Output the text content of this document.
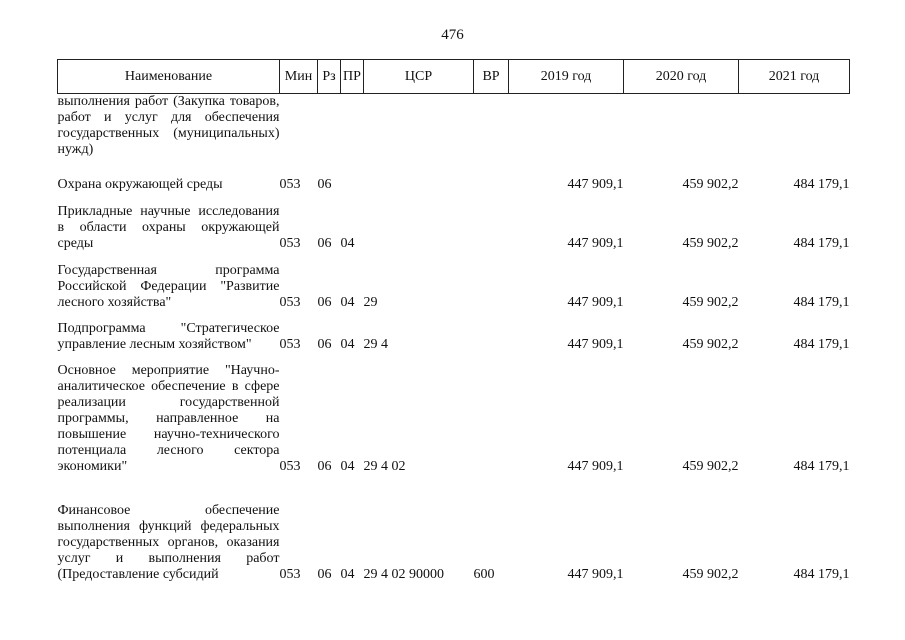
476
Наименование	Мин	Рз	ПР	ЦСР	ВР	2019 год	2020 год	2021 год
выполнения работ (Закупка товаров, работ и услуг для обеспечения государственных (муниципальных) нужд)								
Охрана окружающей среды	053	06				447 909,1	459 902,2	484 179,1
Прикладные научные исследования в области охраны окружающей среды	053	06	04			447 909,1	459 902,2	484 179,1
Государственная программа Российской Федерации "Развитие лесного хозяйства"	053	06	04	29		447 909,1	459 902,2	484 179,1
Подпрограмма "Стратегическое управление лесным хозяйством"	053	06	04	29 4		447 909,1	459 902,2	484 179,1
Основное мероприятие "Научно-аналитическое обеспечение в сфере реализации государственной программы, направленное на повышение научно-технического потенциала лесного сектора экономики"	053	06	04	29 4 02		447 909,1	459 902,2	484 179,1
Финансовое обеспечение выполнения функций федеральных государственных органов, оказания услуг и выполнения работ (Предоставление субсидий	053	06	04	29 4 02 90000	600	447 909,1	459 902,2	484 179,1
